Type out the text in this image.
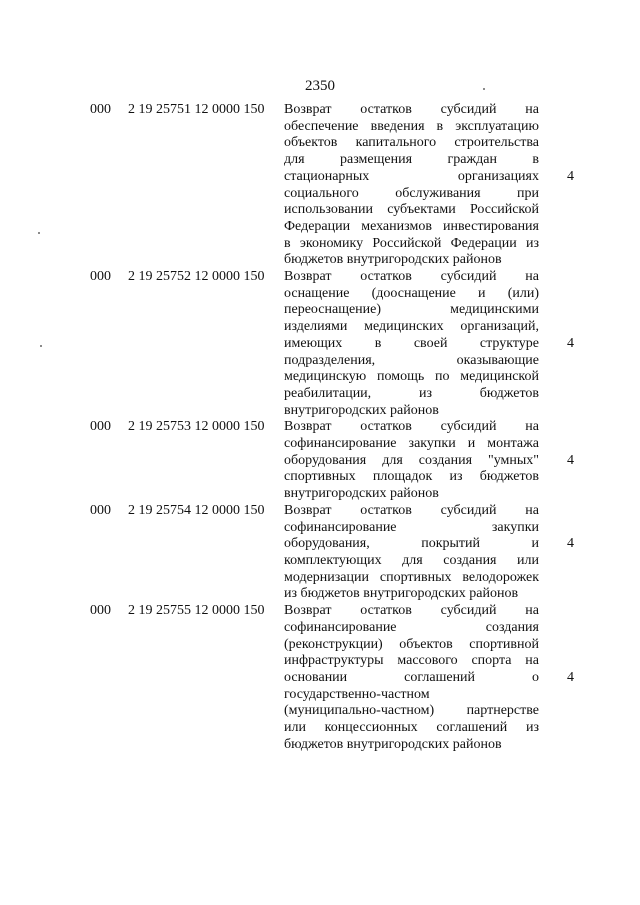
2350
000	2 19 25751 12 0000 150	Возврат остатков субсидий на
обеспечение введения в эксплуатацию
объектов капитального строительства
для размещения граждан в
стационарных организациях
социального обслуживания при
использовании субъектами Российской
Федерации механизмов инвестирования
в экономику Российской Федерации из
бюджетов внутригородских районов
4
000	2 19 25752 12 0000 150	Возврат остатков субсидий на
оснащение (дооснащение и (или)
переоснащение) медицинскими
изделиями медицинских организаций,
имеющих в своей структуре
подразделения, оказывающие
медицинскую помощь по медицинской
реабилитации, из бюджетов
внутригородских районов
4
000	2 19 25753 12 0000 150	Возврат остатков субсидий на
софинансирование закупки и монтажа
оборудования для создания "умных"
спортивных площадок из бюджетов
внутригородских районов
4
000	2 19 25754 12 0000 150	Возврат остатков субсидий на
софинансирование закупки
оборудования, покрытий и
комплектующих для создания или
модернизации спортивных велодорожек
из бюджетов внутригородских районов
4
000	2 19 25755 12 0000 150	Возврат остатков субсидий на
софинансирование создания
(реконструкции) объектов спортивной
инфраструктуры массового спорта на
основании соглашений о
государственно-частном
(муниципально-частном) партнерстве
или концессионных соглашений из
бюджетов внутригородских районов
4
